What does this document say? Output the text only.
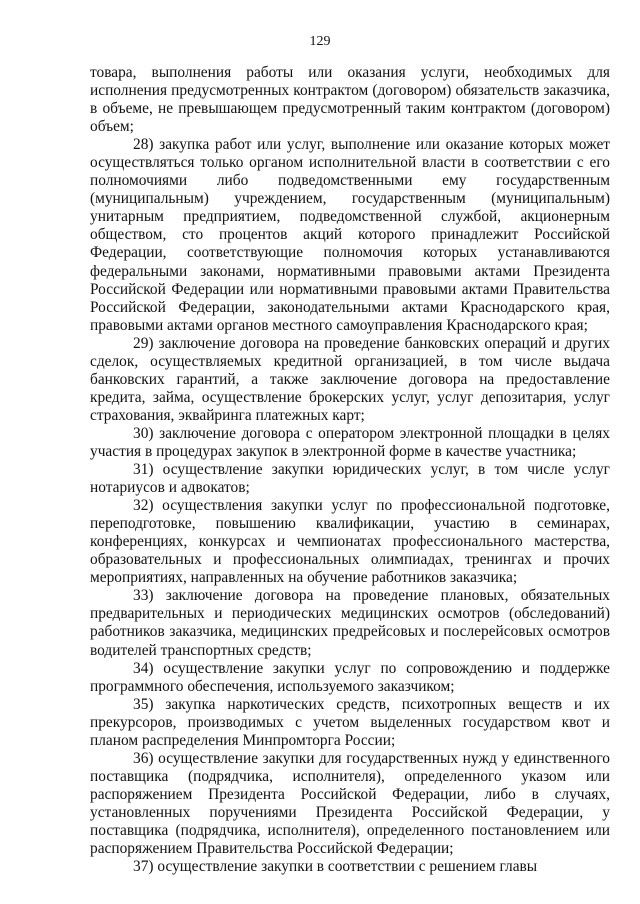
129

товара, выполнения работы или оказания услуги, необходимых для исполнения предусмотренных контрактом (договором) обязательств заказчика, в объеме, не превышающем предусмотренный таким контрактом (договором) объем;

28) закупка работ или услуг, выполнение или оказание которых может осуществляться только органом исполнительной власти в соответствии с его полномочиями либо подведомственными ему государственным (муниципальным) учреждением, государственным (муниципальным) унитарным предприятием, подведомственной службой, акционерным обществом, сто процентов акций которого принадлежит Российской Федерации, соответствующие полномочия которых устанавливаются федеральными законами, нормативными правовыми актами Президента Российской Федерации или нормативными правовыми актами Правительства Российской Федерации, законодательными актами Краснодарского края, правовыми актами органов местного самоуправления Краснодарского края;

29) заключение договора на проведение банковских операций и других сделок, осуществляемых кредитной организацией, в том числе выдача банковских гарантий, а также заключение договора на предоставление кредита, займа, осуществление брокерских услуг, услуг депозитария, услуг страхования, эквайринга платежных карт;

30) заключение договора с оператором электронной площадки в целях участия в процедурах закупок в электронной форме в качестве участника;

31) осуществление закупки юридических услуг, в том числе услуг нотариусов и адвокатов;

32) осуществления закупки услуг по профессиональной подготовке, переподготовке, повышению квалификации, участию в семинарах, конференциях, конкурсах и чемпионатах профессионального мастерства, образовательных и профессиональных олимпиадах, тренингах и прочих мероприятиях, направленных на обучение работников заказчика;

33) заключение договора на проведение плановых, обязательных предварительных и периодических медицинских осмотров (обследований) работников заказчика, медицинских предрейсовых и послерейсовых осмотров водителей транспортных средств;

34) осуществление закупки услуг по сопровождению и поддержке программного обеспечения, используемого заказчиком;

35) закупка наркотических средств, психотропных веществ и их прекурсоров, производимых с учетом выделенных государством квот и планом распределения Минпромторга России;

36) осуществление закупки для государственных нужд у единственного поставщика (подрядчика, исполнителя), определенного указом или распоряжением Президента Российской Федерации, либо в случаях, установленных поручениями Президента Российской Федерации, у поставщика (подрядчика, исполнителя), определенного постановлением или распоряжением Правительства Российской Федерации;

37) осуществление закупки в соответствии с решением главы
